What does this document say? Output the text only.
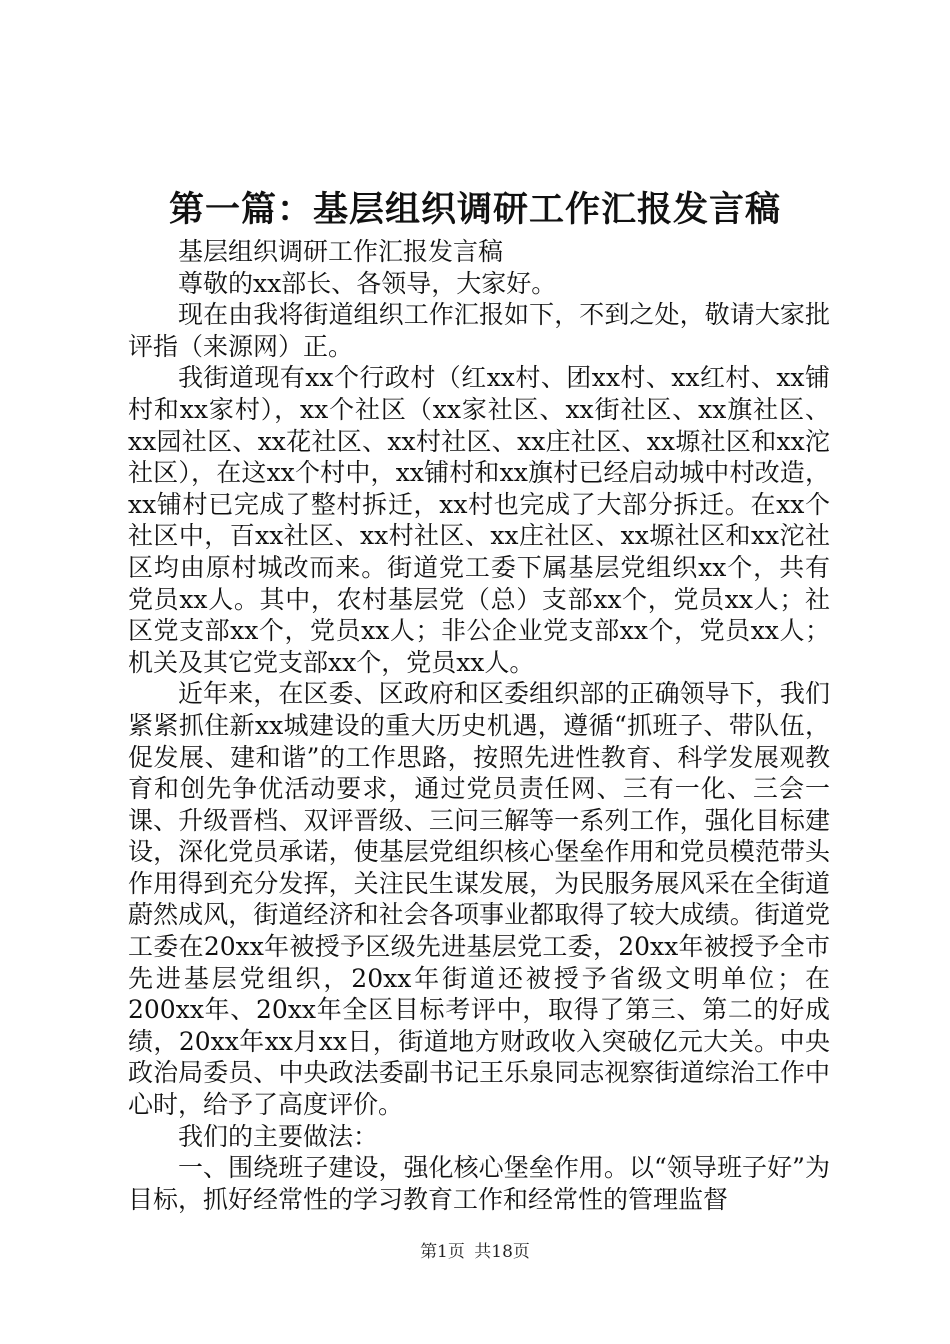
第一篇：基层组织调研工作汇报发言稿

基层组织调研工作汇报发言稿

尊敬的xx部长、各领导，大家好。

现在由我将街道组织工作汇报如下，不到之处，敬请大家批评指（来源网）正。

我街道现有xx个行政村（红xx村、团xx村、xx红村、xx铺村和xx家村），xx个社区（xx家社区、xx街社区、xx旗社区、xx园社区、xx花社区、xx村社区、xx庄社区、xx塬社区和xx沱社区），在这xx个村中，xx铺村和xx旗村已经启动城中村改造，xx铺村已完成了整村拆迁，xx村也完成了大部分拆迁。在xx个社区中，百xx社区、xx村社区、xx庄社区、xx塬社区和xx沱社区均由原村城改而来。街道党工委下属基层党组织xx个，共有党员xx人。其中，农村基层党（总）支部xx个，党员xx人；社区党支部xx个，党员xx人；非公企业党支部xx个，党员xx人；机关及其它党支部xx个，党员xx人。

近年来，在区委、区政府和区委组织部的正确领导下，我们紧紧抓住新xx城建设的重大历史机遇，遵循“抓班子、带队伍，促发展、建和谐”的工作思路，按照先进性教育、科学发展观教育和创先争优活动要求，通过党员责任网、三有一化、三会一课、升级晋档、双评晋级、三问三解等一系列工作，强化目标建设，深化党员承诺，使基层党组织核心堡垒作用和党员模范带头作用得到充分发挥，关注民生谋发展，为民服务展风采在全街道蔚然成风，街道经济和社会各项事业都取得了较大成绩。街道党工委在20xx年被授予区级先进基层党工委，20xx年被授予全市先进基层党组织，20xx年街道还被授予省级文明单位；在200xx年、20xx年全区目标考评中，取得了第三、第二的好成绩，20xx年xx月xx日，街道地方财政收入突破亿元大关。中央政治局委员、中央政法委副书记王乐泉同志视察街道综治工作中心时，给予了高度评价。

我们的主要做法：

一、围绕班子建设，强化核心堡垒作用。以“领导班子好”为目标，抓好经常性的学习教育工作和经常性的管理监督

第1页 共18页
